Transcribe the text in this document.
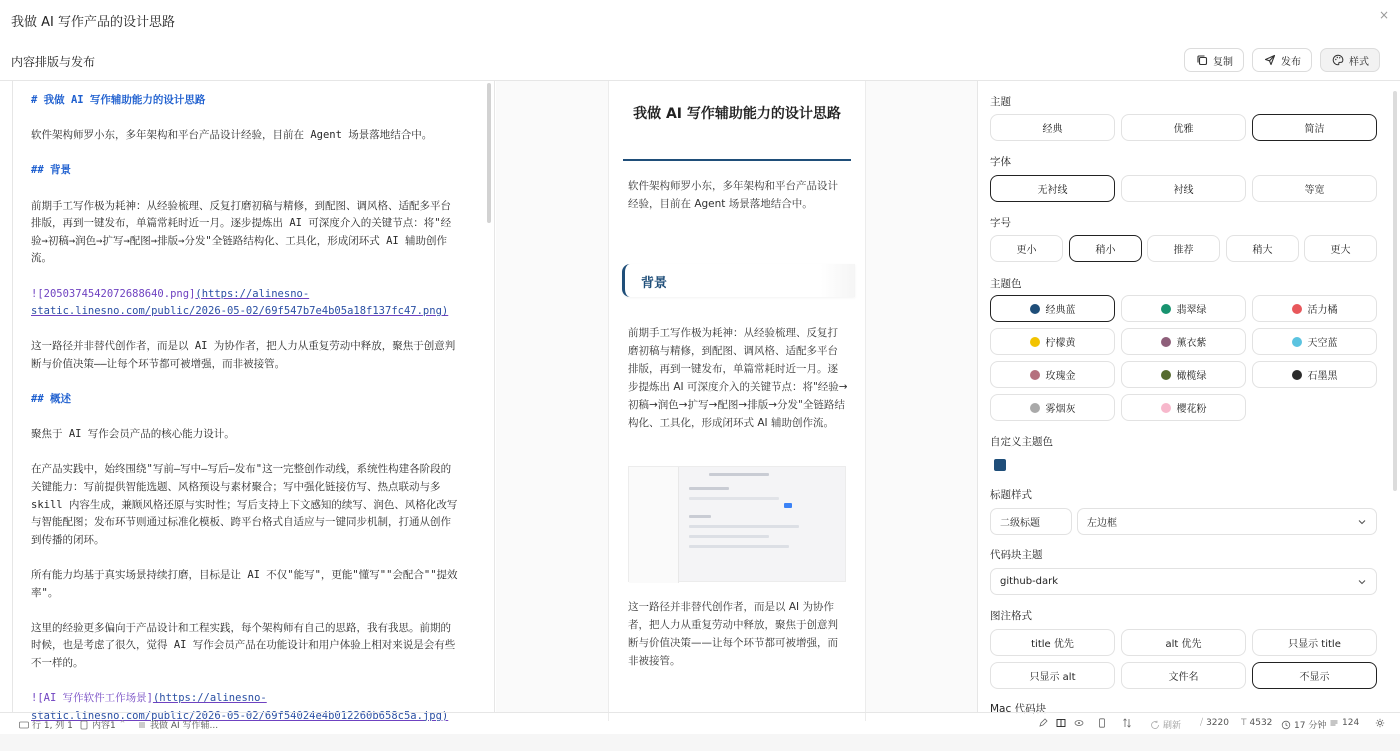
我做 AI 写作产品的设计思路	×
内容排版与发布	复制	发布	样式
# 我做 AI 写作辅助能力的设计思路
软件架构师罗小东，多年架构和平台产品设计经验，目前在 Agent 场景落地结合中。
## 背景
前期手工写作极为耗神：从经验梳理、反复打磨初稿与精修，到配图、调风格、适配多平台
排版，再到一键发布，单篇常耗时近一月。逐步提炼出 AI 可深度介入的关键节点：将"经
验→初稿→润色→扩写→配图→排版→分发"全链路结构化、工具化，形成闭环式 AI 辅助创作
流。
![2050374542072688640.png](https://alinesno-
static.linesno.com/public/2026-05-02/69f547b7e4b05a18f137fc47.png)
这一路径并非替代创作者，而是以 AI 为协作者，把人力从重复劳动中释放，聚焦于创意判
断与价值决策——让每个环节都可被增强，而非被接管。
## 概述
聚焦于 AI 写作会员产品的核心能力设计。
在产品实践中，始终围绕"写前—写中—写后—发布"这一完整创作动线，系统性构建各阶段的
关键能力：写前提供智能选题、风格预设与素材聚合；写中强化链接仿写、热点联动与多
skill 内容生成，兼顾风格还原与实时性；写后支持上下文感知的续写、润色、风格化改写
与智能配图；发布环节则通过标准化模板、跨平台格式自适应与一键同步机制，打通从创作
到传播的闭环。
所有能力均基于真实场景持续打磨，目标是让 AI 不仅"能写"，更能"懂写""会配合""提效
率"。
这里的经验更多偏向于产品设计和工程实践，每个架构师有自己的思路，我有我思。前期的
时候，也是考虑了很久，觉得 AI 写作会员产品在功能设计和用户体验上相对来说是会有些
不一样的。
![AI 写作软件工作场景](https://alinesno-
static.linesno.com/public/2026-05-02/69f54024e4b012260b658c5a.jpg)
我做 AI 写作辅助能力的设计思路
软件架构师罗小东，多年架构和平台产品设计经验，目前在 Agent 场景落地结合中。
背景
前期手工写作极为耗神：从经验梳理、反复打磨初稿与精修，到配图、调风格、适配多平台排版，再到一键发布，单篇常耗时近一月。逐步提炼出 AI 可深度介入的关键节点：将"经验→初稿→润色→扩写→配图→排版→分发"全链路结构化、工具化，形成闭环式 AI 辅助创作流。
这一路径并非替代创作者，而是以 AI 为协作者，把人力从重复劳动中释放，聚焦于创意判断与价值决策——让每个环节都可被增强，而非被接管。
主题
经典	优雅	简洁
字体
无衬线	衬线	等宽
字号
更小	稍小	推荐	稍大	更大
主题色
经典蓝	翡翠绿	活力橘
柠檬黄	薰衣紫	天空蓝
玫瑰金	橄榄绿	石墨黑
雾烟灰	樱花粉
自定义主题色
标题样式
二级标题	左边框
代码块主题
github-dark
图注格式
title 优先	alt 优先	只显示 title
只显示 alt	文件名	不显示
Mac 代码块
行 1, 列 1 内容1 ⌃	我做 AI 写作辅...	刷新 ⧸ 3220 T 4532 17 分钟 124
